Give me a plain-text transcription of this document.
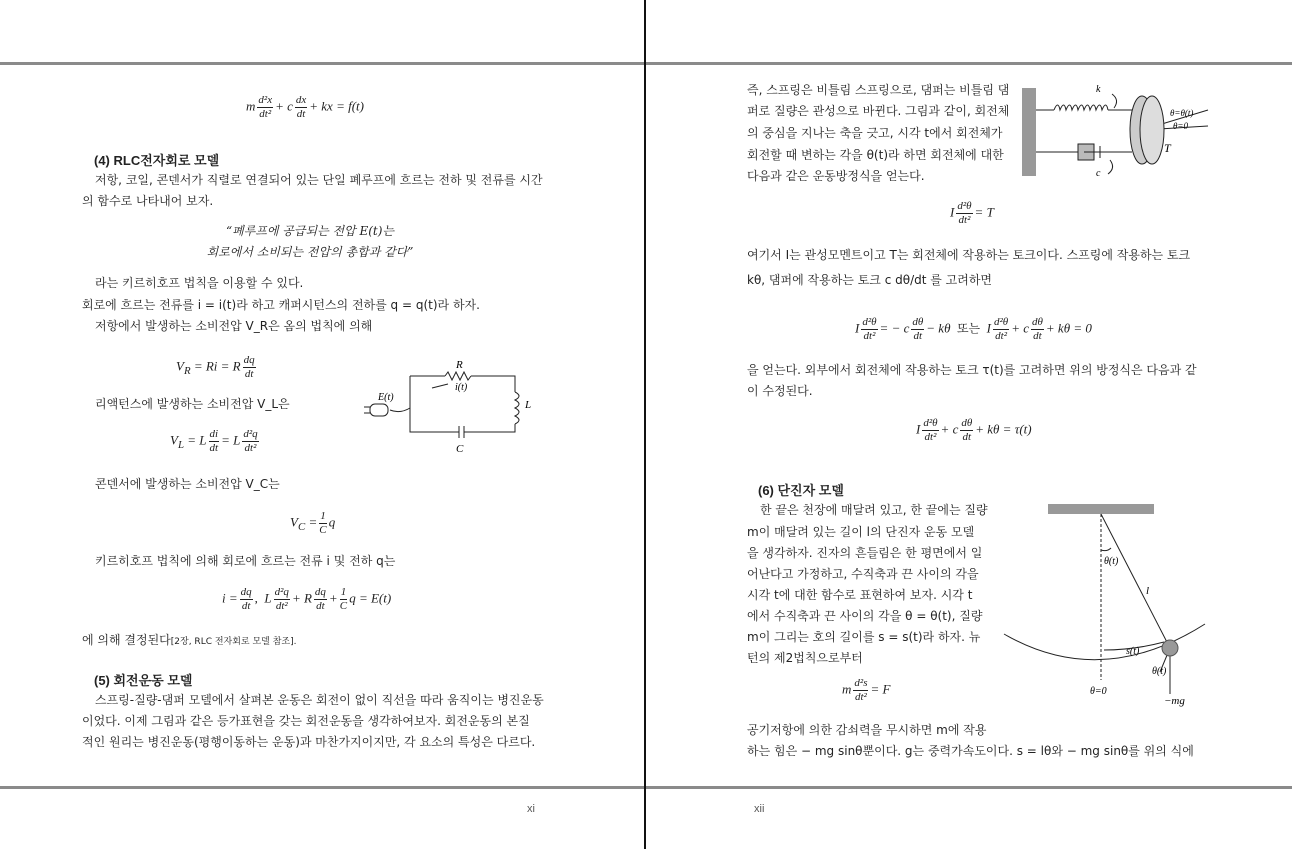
m $\frac{\text{d²x}}{\text{dt²}} + c \frac{dx}{dt}$ + kx = f(t)
(4) RLC전자회로 모델
저항, 코일, 콘덴서가 직렬로 연결되어 있는 단일 폐루프에 흐르는 전하 및 전류를 시간
의 함수로 나타내어 보자.
“폐루프에 공급되는 전압 E(t)는
회로에서 소비되는 전압의 총합과 같다”
라는 키르히호프 법칙을 이용할 수 있다.
회로에 흐르는 전류를 i = i(t)라 하고 캐퍼시턴스의 전하를 q = q(t)라 하자.
저항에서 발생하는 소비전압 V_R은 옴의 법칙에 의해
$V_R = Ri = R \frac{dq}{dt}$
리액턴스에 발생하는 소비전압 V_L은
$V_L = L \frac{di}{dt} = L \frac{\text{d²q}}{\text{dt²}}$
콘덴서에 발생하는 소비전압 V_C는
$V_C = \frac{1}{C}$ q
키르히호프 법칙에 의해 회로에 흐르는 전류 i 및 전하 q는
$i = \frac{dq}{dt}$ ,  L $\frac{\text{d²q}}{\text{dt²}} + R \frac{dq}{dt} + \frac{1}{C}$ q = E(t)
에 의해 결정된다[2장, RLC 전자회로 모델 참조].
(5) 회전운동 모델
스프링-질량-댐퍼 모델에서 살펴본 운동은 회전이 없이 직선을 따라 움직이는 병진운동
이었다. 이제 그림과 같은 등가표현을 갖는 회전운동을 생각하여보자. 회전운동의 본질
적인 원리는 병진운동(평행이동하는 운동)과 마찬가지이지만, 각 요소의 특성은 다르다.
xi
R
i(t)
E(t)
L
C
즉, 스프링은 비틀림 스프링으로, 댐퍼는 비틀림 댐
퍼로 질량은 관성으로 바뀐다. 그림과 같이, 회전체
의 중심을 지나는 축을 긋고, 시각 t에서 회전체가
회전할 때 변하는 각을 θ(t)라 하면 회전체에 대한
다음과 같은 운동방정식을 얻는다.
k
c
θ=θ(t)
θ=0
T
I $\frac{\text{d²θ}}{\text{dt²}} = T$
여기서 I는 관성모멘트이고 T는 회전체에 작용하는 토크이다. 스프링에 작용하는 토크
kθ, 댐퍼에 작용하는 토크 c dθ/dt 를 고려하면
I $\frac{\text{d²θ}}{\text{dt²}}$ = − c $\frac{d\theta}{dt} - k\theta$  또는  I $\frac{\text{d²θ}}{\text{dt²}} + c \frac{d\theta}{dt} + k\theta = 0$
을 얻는다. 외부에서 회전체에 작용하는 토크 τ(t)를 고려하면 위의 방정식은 다음과 같
이 수정된다.
I $\frac{\text{d²θ}}{\text{dt²}} + c \frac{d\theta}{dt} + k\theta = \tau(t)$
(6) 단진자 모델
한 끝은 천장에 매달려 있고, 한 끝에는 질량
m이 매달려 있는 길이 l의 단진자 운동 모델
을 생각하자. 진자의 흔들림은 한 평면에서 일
어난다고 가정하고, 수직축과 끈 사이의 각을
시각 t에 대한 함수로 표현하여 보자. 시각 t
에서 수직축과 끈 사이의 각을 θ = θ(t), 질량
m이 그리는 호의 길이를 s = s(t)라 하자. 뉴
턴의 제2법칙으로부터
m $\frac{\text{d²s}}{\text{dt²}} = F$
공기저항에 의한 감쇠력을 무시하면 m에 작용
하는 힘은 − mg sinθ뿐이다. g는 중력가속도이다. s = lθ와 − mg sinθ를 위의 식에
θ(t)
l
s(t)
θ(t)
θ=0
−mg
xii
